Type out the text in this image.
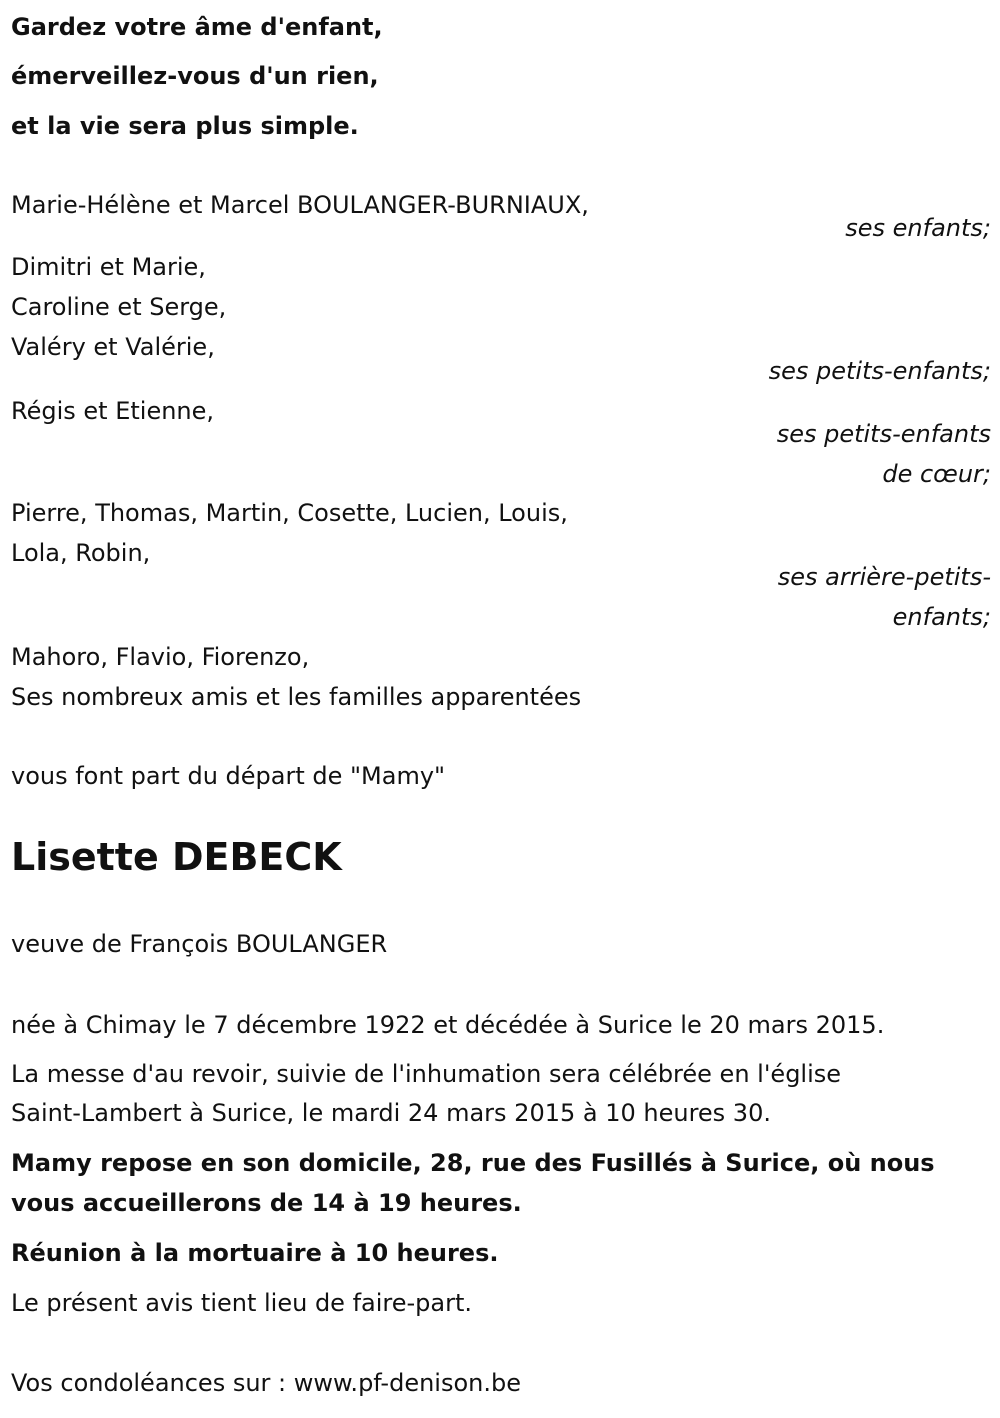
Gardez votre âme d'enfant,

émerveillez-vous d'un rien,

et la vie sera plus simple.

Marie-Hélène et Marcel BOULANGER-BURNIAUX,

ses enfants;

Dimitri et Marie,

Caroline et Serge,

Valéry et Valérie,

ses petits-enfants;

Régis et Etienne,

ses petits-enfants

de cœur;

Pierre, Thomas, Martin, Cosette, Lucien, Louis,

Lola, Robin,

ses arrière-petits-

enfants;

Mahoro, Flavio, Fiorenzo,

Ses nombreux amis et les familles apparentées

vous font part du départ de "Mamy"

Lisette DEBECK

veuve de François BOULANGER

née à Chimay le 7 décembre 1922 et décédée à Surice le 20 mars 2015.

La messe d'au revoir, suivie de l'inhumation sera célébrée en l'église

Saint-Lambert à Surice, le mardi 24 mars 2015 à 10 heures 30.

Mamy repose en son domicile, 28, rue des Fusillés à Surice, où nous

vous accueillerons de 14 à 19 heures.

Réunion à la mortuaire à 10 heures.

Le présent avis tient lieu de faire-part.

Vos condoléances sur : www.pf-denison.be
